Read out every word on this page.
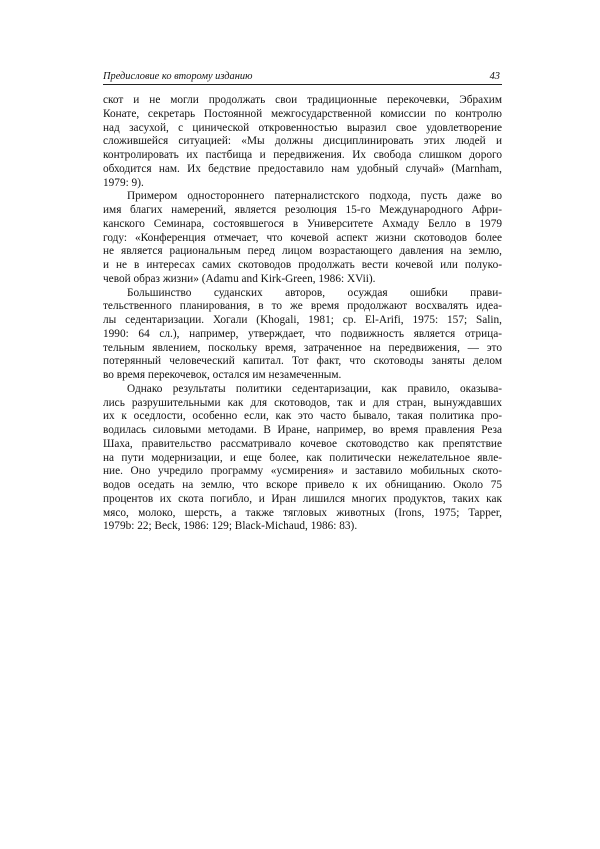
Предисловие ко второму изданию	43
скот и не могли продолжать свои традиционные перекочевки, Эбрахим
Конате, секретарь Постоянной межгосударственной комиссии по контролю
над засухой, с цинической откровенностью выразил свое удовлетворение
сложившейся ситуацией: «Мы должны дисциплинировать этих людей и
контролировать их пастбища и передвижения. Их свобода слишком дорого
обходится нам. Их бедствие предоставило нам удобный случай» (Marnham,
1979: 9).
Примером одностороннего патерналистского подхода, пусть даже во
имя благих намерений, является резолюция 15-го Международного Афри-
канского Семинара, состоявшегося в Университете Ахмаду Белло в 1979
году: «Конференция отмечает, что кочевой аспект жизни скотоводов более
не является рациональным перед лицом возрастающего давления на землю,
и не в интересах самих скотоводов продолжать вести кочевой или полуко-
чевой образ жизни» (Adamu and Kirk-Green, 1986: XVii).
Большинство суданских авторов, осуждая ошибки прави-
тельственного планирования, в то же время продолжают восхвалять идеа-
лы седентаризации. Хогали (Khogali, 1981; ср. El-Arifi, 1975: 157; Salin,
1990: 64 сл.), например, утверждает, что подвижность является отрица-
тельным явлением, поскольку время, затраченное на передвижения, — это
потерянный человеческий капитал. Тот факт, что скотоводы заняты делом
во время перекочевок, остался им незамеченным.
Однако результаты политики седентаризации, как правило, оказыва-
лись разрушительными как для скотоводов, так и для стран, вынуждавших
их к оседлости, особенно если, как это часто бывало, такая политика про-
водилась силовыми методами. В Иране, например, во время правления Реза
Шаха, правительство рассматривало кочевое скотоводство как препятствие
на пути модернизации, и еще более, как политически нежелательное явле-
ние. Оно учредило программу «усмирения» и заставило мобильных ското-
водов оседать на землю, что вскоре привело к их обнищанию. Около 75
процентов их скота погибло, и Иран лишился многих продуктов, таких как
мясо, молоко, шерсть, а также тягловых животных (Irons, 1975; Tapper,
1979b: 22; Beck, 1986: 129; Black-Michaud, 1986: 83).
